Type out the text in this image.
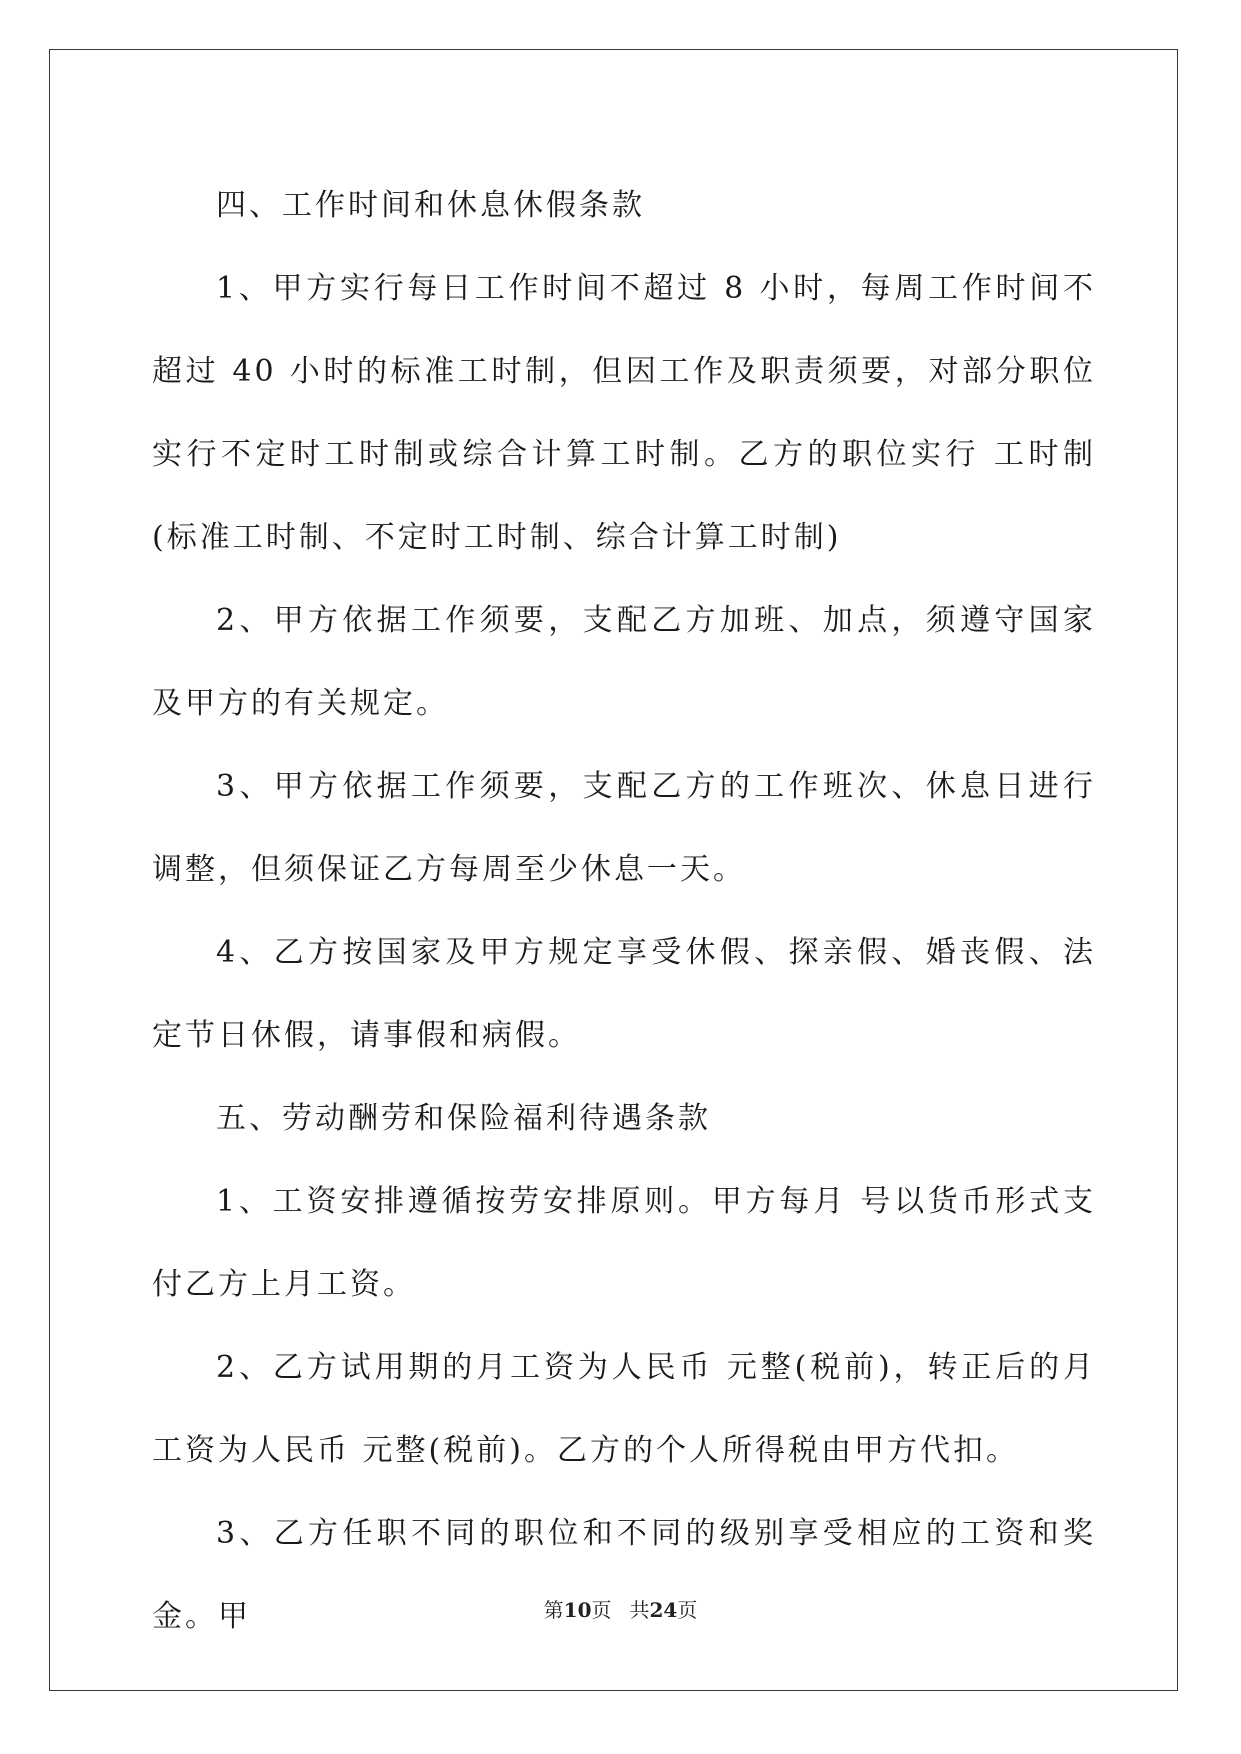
四、工作时间和休息休假条款

1、甲方实行每日工作时间不超过 8 小时，每周工作时间不超过 40 小时的标准工时制，但因工作及职责须要，对部分职位实行不定时工时制或综合计算工时制。乙方的职位实行 工时制(标准工时制、不定时工时制、综合计算工时制)

2、甲方依据工作须要，支配乙方加班、加点，须遵守国家及甲方的有关规定。

3、甲方依据工作须要，支配乙方的工作班次、休息日进行调整，但须保证乙方每周至少休息一天。

4、乙方按国家及甲方规定享受休假、探亲假、婚丧假、法定节日休假，请事假和病假。

五、劳动酬劳和保险福利待遇条款

1、工资安排遵循按劳安排原则。甲方每月 号以货币形式支付乙方上月工资。

2、乙方试用期的月工资为人民币 元整(税前)，转正后的月工资为人民币 元整(税前)。乙方的个人所得税由甲方代扣。

3、乙方任职不同的职位和不同的级别享受相应的工资和奖金。甲	第10页 共24页
